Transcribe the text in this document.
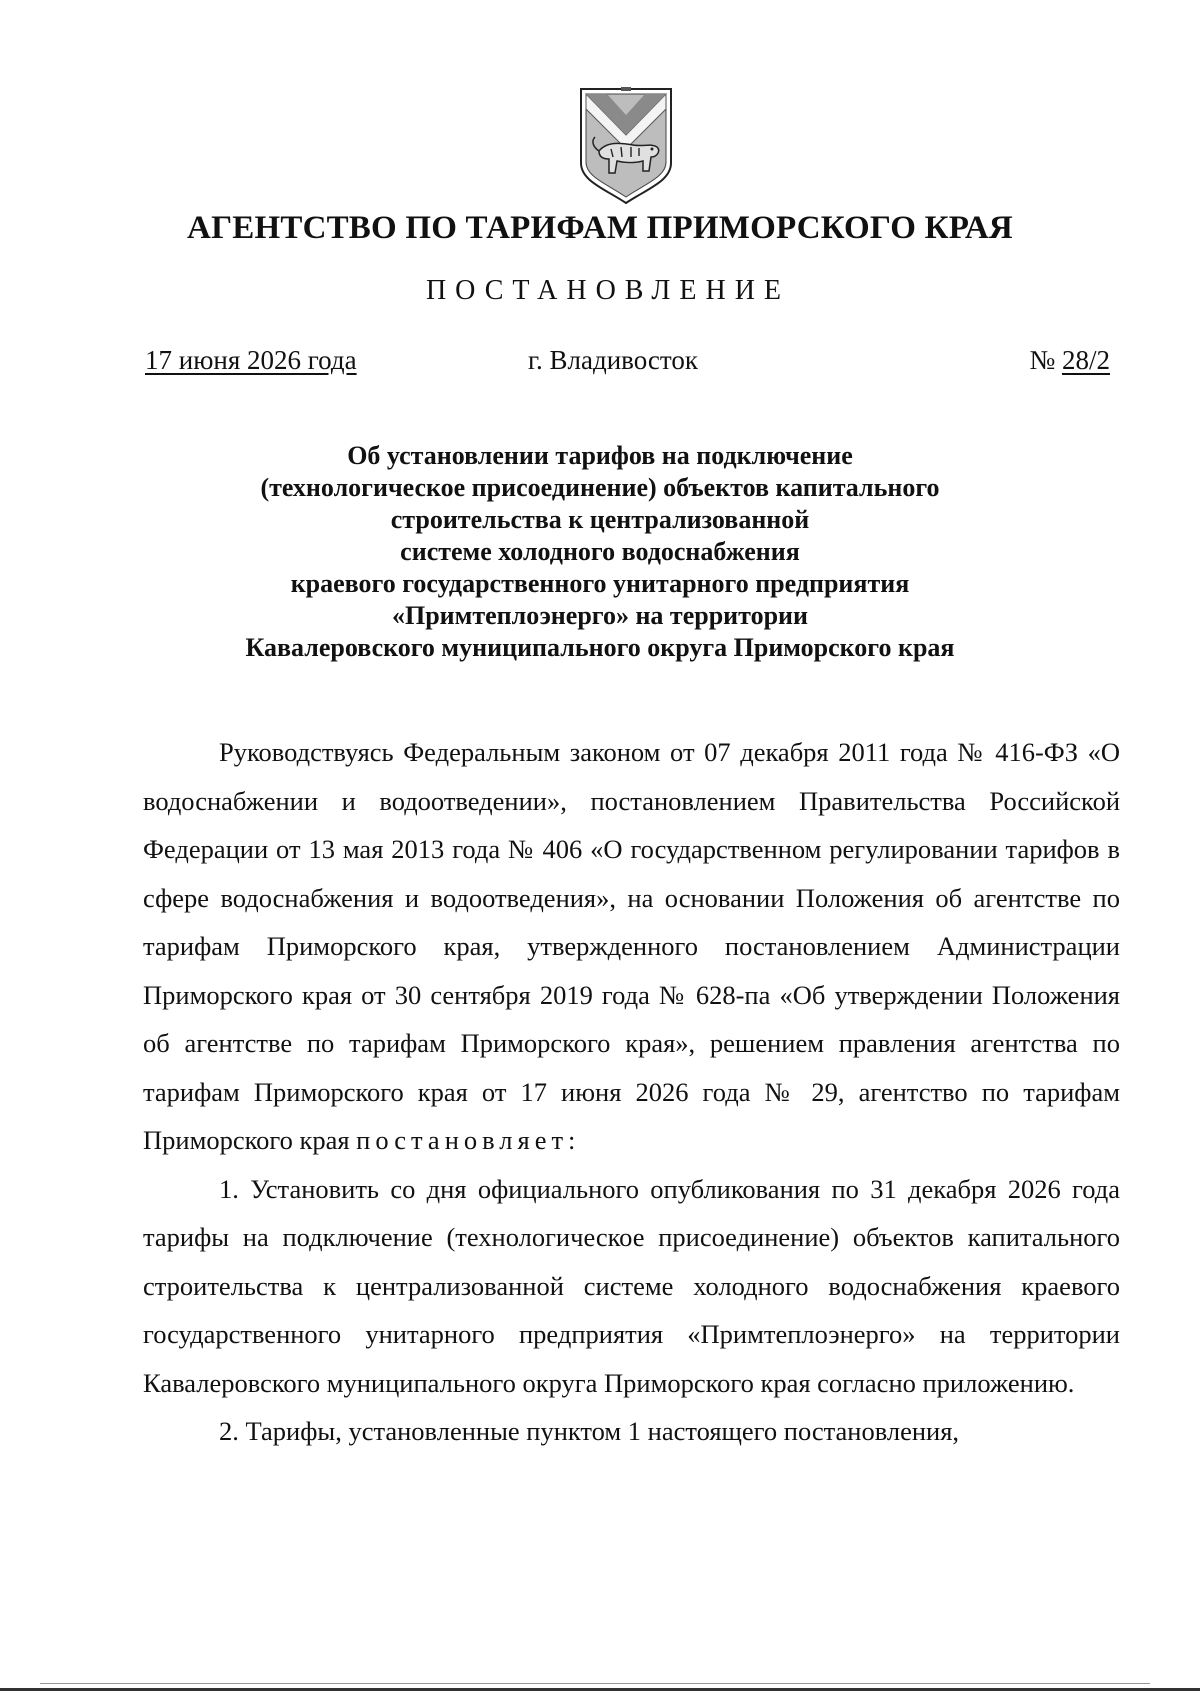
АГЕНТСТВО ПО ТАРИФАМ ПРИМОРСКОГО КРАЯ
ПОСТАНОВЛЕНИЕ
17 июня 2026 года	г. Владивосток	№ 28/2
Об установлении тарифов на подключение
(технологическое присоединение) объектов капитального
строительства к централизованной
системе холодного водоснабжения
краевого государственного унитарного предприятия
«Примтеплоэнерго» на территории
Кавалеровского муниципального округа Приморского края

Руководствуясь Федеральным законом от 07 декабря 2011 года № 416-ФЗ «О водоснабжении и водоотведении», постановлением Правительства Российской Федерации от 13 мая 2013 года № 406 «О государственном регулировании тарифов в сфере водоснабжения и водоотведения», на основании Положения об агентстве по тарифам Приморского края, утвержденного постановлением Администрации Приморского края от 30 сентября 2019 года № 628-па «Об утверждении Положения об агентстве по тарифам Приморского края», решением правления агентства по тарифам Приморского края от 17 июня 2026 года № 29, агентство по тарифам Приморского края постановляет:

1. Установить со дня официального опубликования по 31 декабря 2026 года тарифы на подключение (технологическое присоединение) объектов капитального строительства к централизованной системе холодного водоснабжения краевого государственного унитарного предприятия «Примтеплоэнерго» на территории Кавалеровского муниципального округа Приморского края согласно приложению.

2. Тарифы, установленные пунктом 1 настоящего постановления,
